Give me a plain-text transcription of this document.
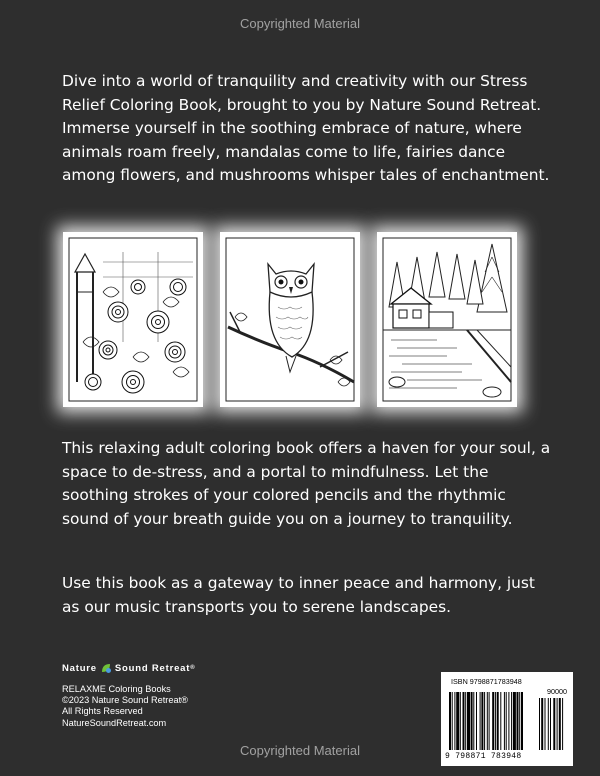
Copyrighted Material

Dive into a world of tranquility and creativity with our Stress Relief Coloring Book, brought to you by Nature Sound Retreat. Immerse yourself in the soothing embrace of nature, where animals roam freely, mandalas come to life, fairies dance among flowers, and mushrooms whisper tales of enchantment.

This relaxing adult coloring book offers a haven for your soul, a space to de-stress, and a portal to mindfulness. Let the soothing strokes of your colored pencils and the rhythmic sound of your breath guide you on a journey to tranquility.

Use this book as a gateway to inner peace and harmony, just as our music transports you to serene landscapes.

Nature Sound Retreat ®
RELAXME Coloring Books
©2023 Nature Sound Retreat®
All Rights Reserved
NatureSoundRetreat.com
ISBN 9798871783948
90000
9 798871 783948
Copyrighted Material
